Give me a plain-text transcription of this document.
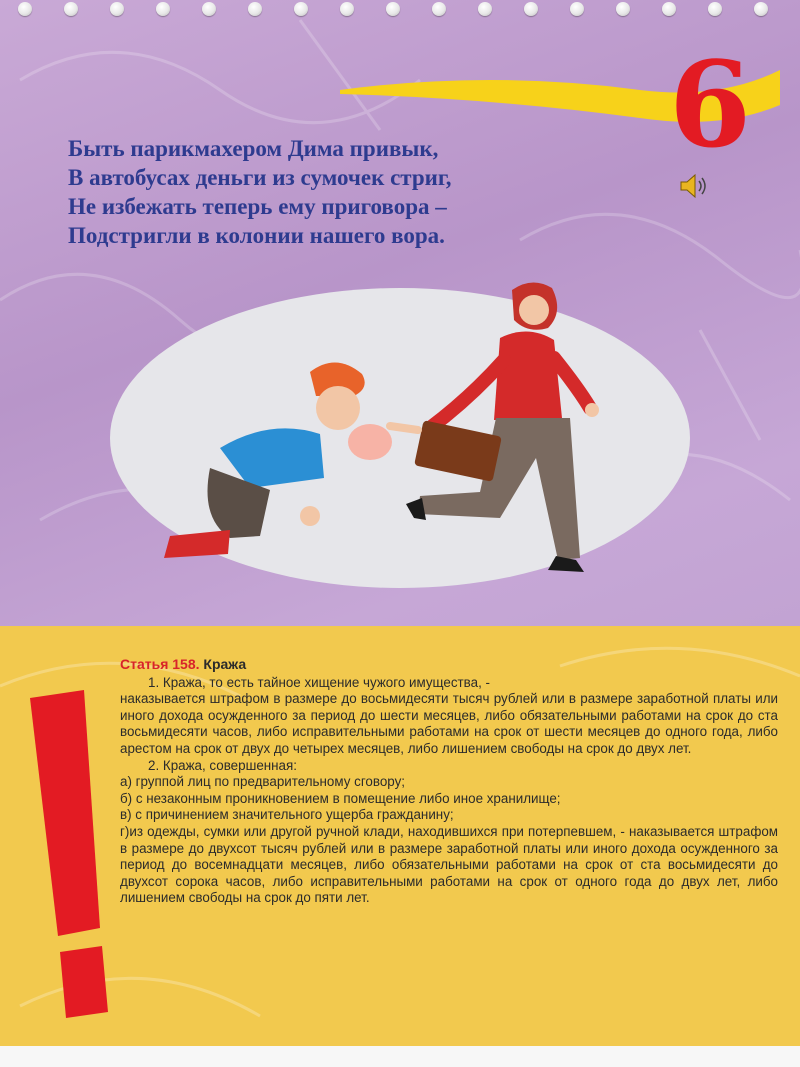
6
Быть парикмахером Дима привык,
В автобусах деньги из сумочек стриг,
Не избежать теперь ему приговора –
Подстригли в колонии нашего вора.
Статья 158. Кража

1. Кража, то есть тайное хищение чужого имущества, -

наказывается штрафом в размере до восьмидесяти тысяч рублей или в размере заработной платы или иного дохода осужденного за период до шести месяцев, либо обязательными работами на срок до ста восьмидесяти часов, либо исправительными работами на срок от шести месяцев до одного года, либо арестом на срок от двух до четырех месяцев, либо лишением свободы на срок до двух лет.

2. Кража, совершенная:

а) группой лиц по предварительному сговору;

б) с незаконным проникновением в помещение либо иное хранилище;

в) с причинением значительного ущерба гражданину;

г)из одежды, сумки или другой ручной клади, находившихся при потерпевшем, - наказывается штрафом в размере до двухсот тысяч рублей или в размере заработной платы или иного дохода осужденного за период до восемнадцати месяцев, либо обязательными работами на срок от ста восьмидесяти до двухсот сорока часов, либо исправительными работами на срок от одного года до двух лет, либо лишением свободы на срок до пяти лет.
